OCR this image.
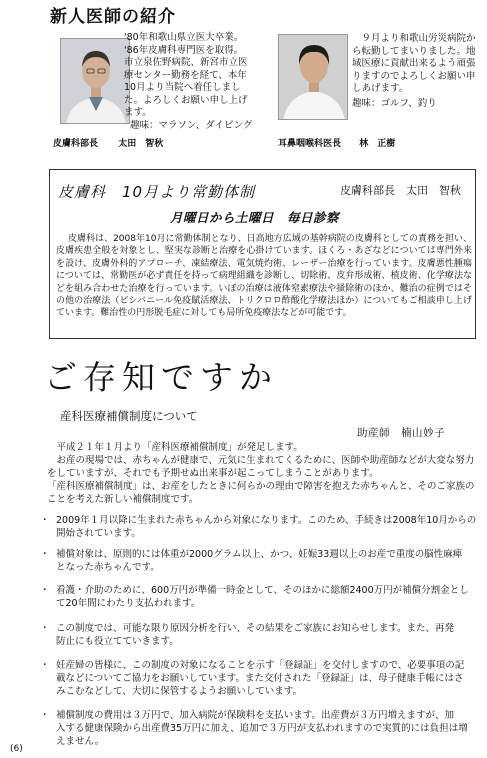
新人医師の紹介

'80年和歌山県立医大卒業。
'86年皮膚科専門医を取得。
市立泉佐野病院、新宮市立医
療センター勤務を経て、本年
10月より当院へ着任しまし
た。よろしくお願い申し上げ
ます。

趣味：マラソン、ダイビング

皮膚科部長 太田　智秋

　９月より和歌山労災病院か
ら転勤してまいりました。地
域医療に貢献出来るよう頑張
りますのでよろしくお願い申
しあげます。

趣味：ゴルフ、釣り

耳鼻咽喉科医長 林　正樹
皮膚科　10月より常勤体制	皮膚科部長　太田　智秋
月曜日から土曜日　毎日診察
皮膚科は、2008年10月に常勤体制となり、日高地方広域の基幹病院の皮膚科としての責務を担い、皮膚疾患全般を対象とし、堅実な診断と治療を心掛けています。ほくろ・あざなどについては専門外来を設け、皮膚外科的アプローチ、凍結療法、電気焼灼術、レーザー治療を行っています。皮膚悪性腫瘍については、常勤医が必ず責任を持って病理組織を診断し、切除術、皮弁形成術、植皮術、化学療法などを組み合わせた治療を行っています。いぼの治療は液体窒素療法や掻除術のほか、難治の症例ではその他の治療法（ビシバニール免疫賦活療法、トリクロロ酢酸化学療法ほか）についてもご相談申し上げています。難治性の円形脱毛症に対しても局所免疫療法などが可能です。
ご存知ですか
産科医療補償制度について
助産師　楠山妙子

　平成２１年１月より「産科医療補償制度」が発足します。
　お産の現場では、赤ちゃんが健康で、元気に生まれてくるために、医師や助産師などが大変な努力
をしていますが、それでも予期せぬ出来事が起こってしまうことがあります。
「産科医療補償制度」は、お産をしたときに何らかの理由で障害を抱えた赤ちゃんと、そのご家族の
ことを考えた新しい補償制度です。

・ 2009年１月以降に生まれた赤ちゃんから対象になります。このため、手続きは2008年10月からの
開始されています。
・ 補償対象は、原則的には体重が2000グラム以上、かつ、妊娠33週以上のお産で重度の脳性麻痺
となった赤ちゃんです。
・ 看護・介助のために、600万円が準備一時金として、そのほかに総額2400万円が補償分割金とし
て20年間にわたり支払われます。
・ この制度では、可能な限り原因分析を行い、その結果をご家族にお知らせします。また、再発
防止にも役立てていきます。
・ 妊産婦の皆様に、この制度の対象になることを示す「登録証」を交付しますので、必要事項の記
載などについてご協力をお願いしています。また交付された「登録証」は、母子健康手帳にはさ
みこむなどして、大切に保管するようお願いしています。
・ 補償制度の費用は３万円で、加入病院が保険料を支払います。出産費が３万円増えますが、加
入する健康保険から出産費35万円に加え、追加で３万円が支払われますので実質的には負担は増
えません。
(6)
